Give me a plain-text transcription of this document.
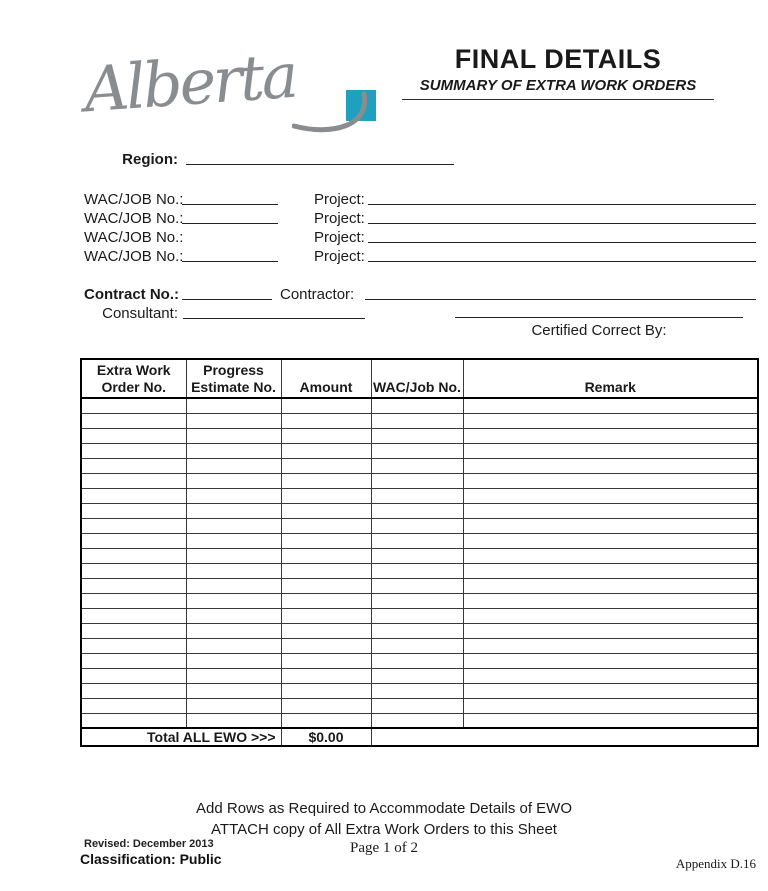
Alberta	FINAL DETAILS
SUMMARY OF EXTRA WORK ORDERS
Region:
WAC/JOB No.:	Project:
WAC/JOB No.:	Project:
WAC/JOB No.:	Project:
WAC/JOB No.:	Project:
Contract No.:	Contractor:
Consultant:
Certified Correct By:
Extra Work Order No.	Progress Estimate No.	Amount	WAC/Job No.	Remark

Total ALL EWO >>>		$0.00		
Add Rows as Required to Accommodate Details of EWO
ATTACH copy of All Extra Work Orders to this Sheet
Page 1 of 2
Revised: December 2013
Classification: Public	Appendix D.16
